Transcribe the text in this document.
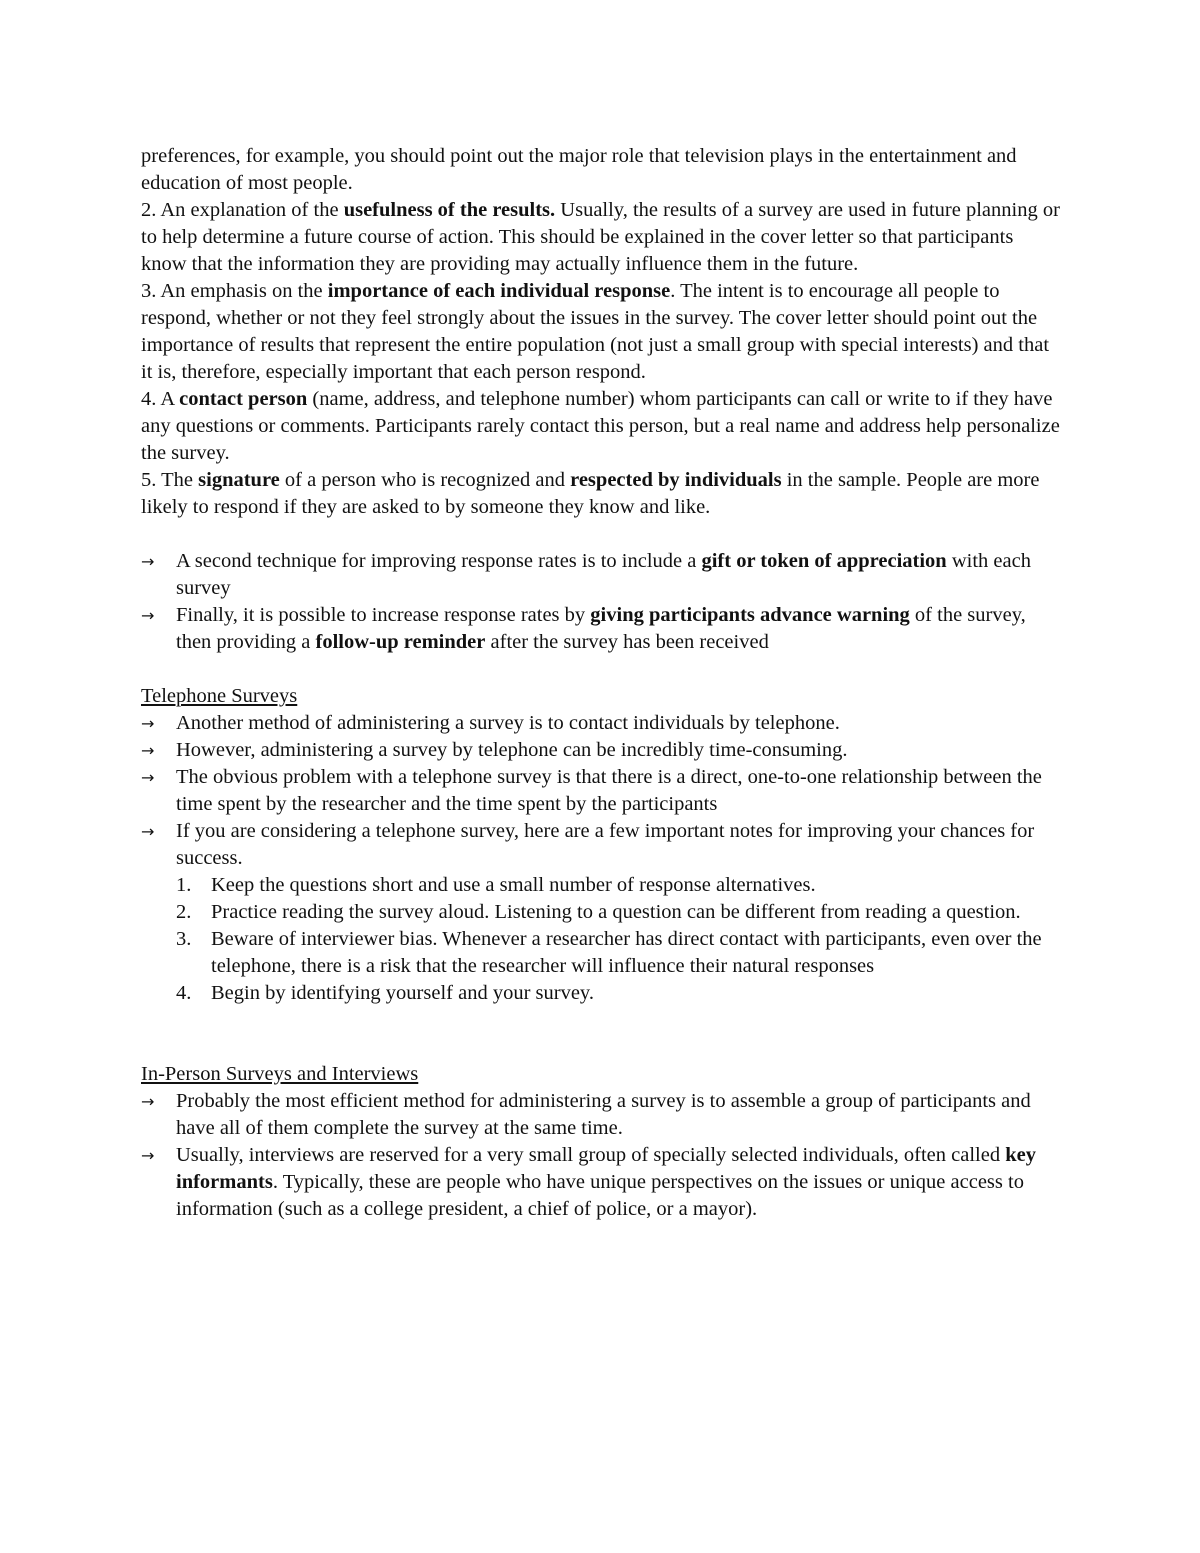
preferences, for example, you should point out the major role that television plays in the entertainment and education of most people.

2. An explanation of the usefulness of the results. Usually, the results of a survey are used in future planning or to help determine a future course of action. This should be explained in the cover letter so that participants know that the information they are providing may actually influence them in the future.

3. An emphasis on the importance of each individual response. The intent is to encourage all people to respond, whether or not they feel strongly about the issues in the survey. The cover letter should point out the importance of results that represent the entire population (not just a small group with special interests) and that it is, therefore, especially important that each person respond.

4. A contact person (name, address, and telephone number) whom participants can call or write to if they have any questions or comments. Participants rarely contact this person, but a real name and address help personalize the survey.

5. The signature of a person who is recognized and respected by individuals in the sample. People are more likely to respond if they are asked to by someone they know and like.

→ A second technique for improving response rates is to include a gift or token of appreciation with each survey
→ Finally, it is possible to increase response rates by giving participants advance warning of the survey, then providing a follow-up reminder after the survey has been received

Telephone Surveys

→ Another method of administering a survey is to contact individuals by telephone.
→ However, administering a survey by telephone can be incredibly time-consuming.
→ The obvious problem with a telephone survey is that there is a direct, one-to-one relationship between the time spent by the researcher and the time spent by the participants
→ If you are considering a telephone survey, here are a few important notes for improving your chances for success.
1. Keep the questions short and use a small number of response alternatives.
2. Practice reading the survey aloud. Listening to a question can be different from reading a question.
3. Beware of interviewer bias. Whenever a researcher has direct contact with participants, even over the telephone, there is a risk that the researcher will influence their natural responses
4. Begin by identifying yourself and your survey.

In-Person Surveys and Interviews

→ Probably the most efficient method for administering a survey is to assemble a group of participants and have all of them complete the survey at the same time.
→ Usually, interviews are reserved for a very small group of specially selected individuals, often called key informants. Typically, these are people who have unique perspectives on the issues or unique access to information (such as a college president, a chief of police, or a mayor).
